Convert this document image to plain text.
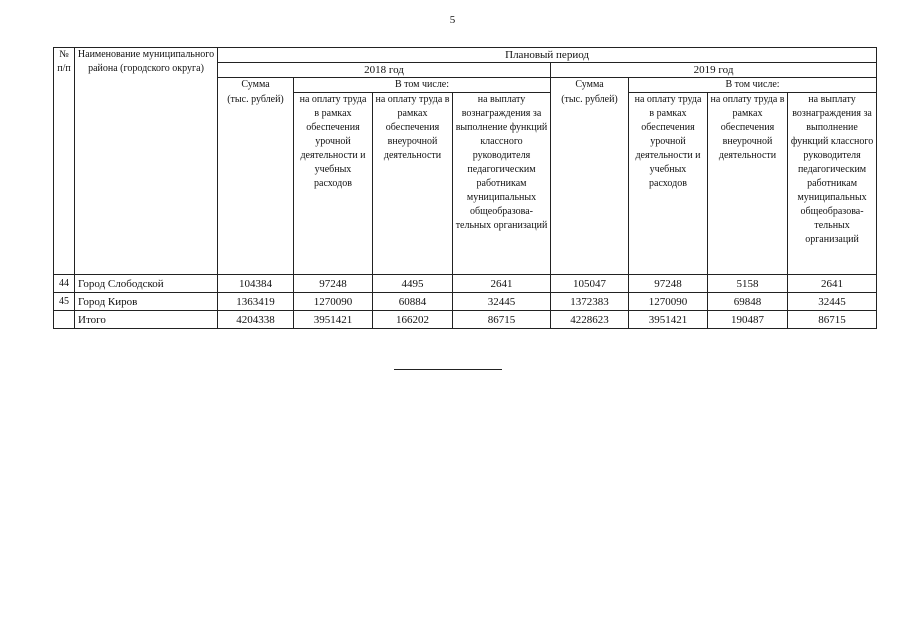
5
№ п/п	Наименование муниципального района (городского округа)	Плановый период							
		2018 год				2019 год			
		Сумма	В том числе:			Сумма	В том числе:		
		(тыс. рублей)	на оплату труда в рамках обеспечения урочной деятельности и учебных расходов	на оплату труда в рамках обеспечения внеурочной деятельности	на выплату вознаграждения за выполнение функций классного руководителя педагогическим работникам муниципальных общеобразова-тельных организаций	(тыс. рублей)	на оплату труда в рамках обеспечения урочной деятельности и учебных расходов	на оплату труда в рамках обеспечения внеурочной деятельности	на выплату вознаграждения за выполнение функций классного руководителя педагогическим работникам муниципальных общеобразова-тельных организаций
44	Город Слободской	104384	97248	4495	2641	105047	97248	5158	2641
45	Город Киров	1363419	1270090	60884	32445	1372383	1270090	69848	32445
	Итого	4204338	3951421	166202	86715	4228623	3951421	190487	86715
